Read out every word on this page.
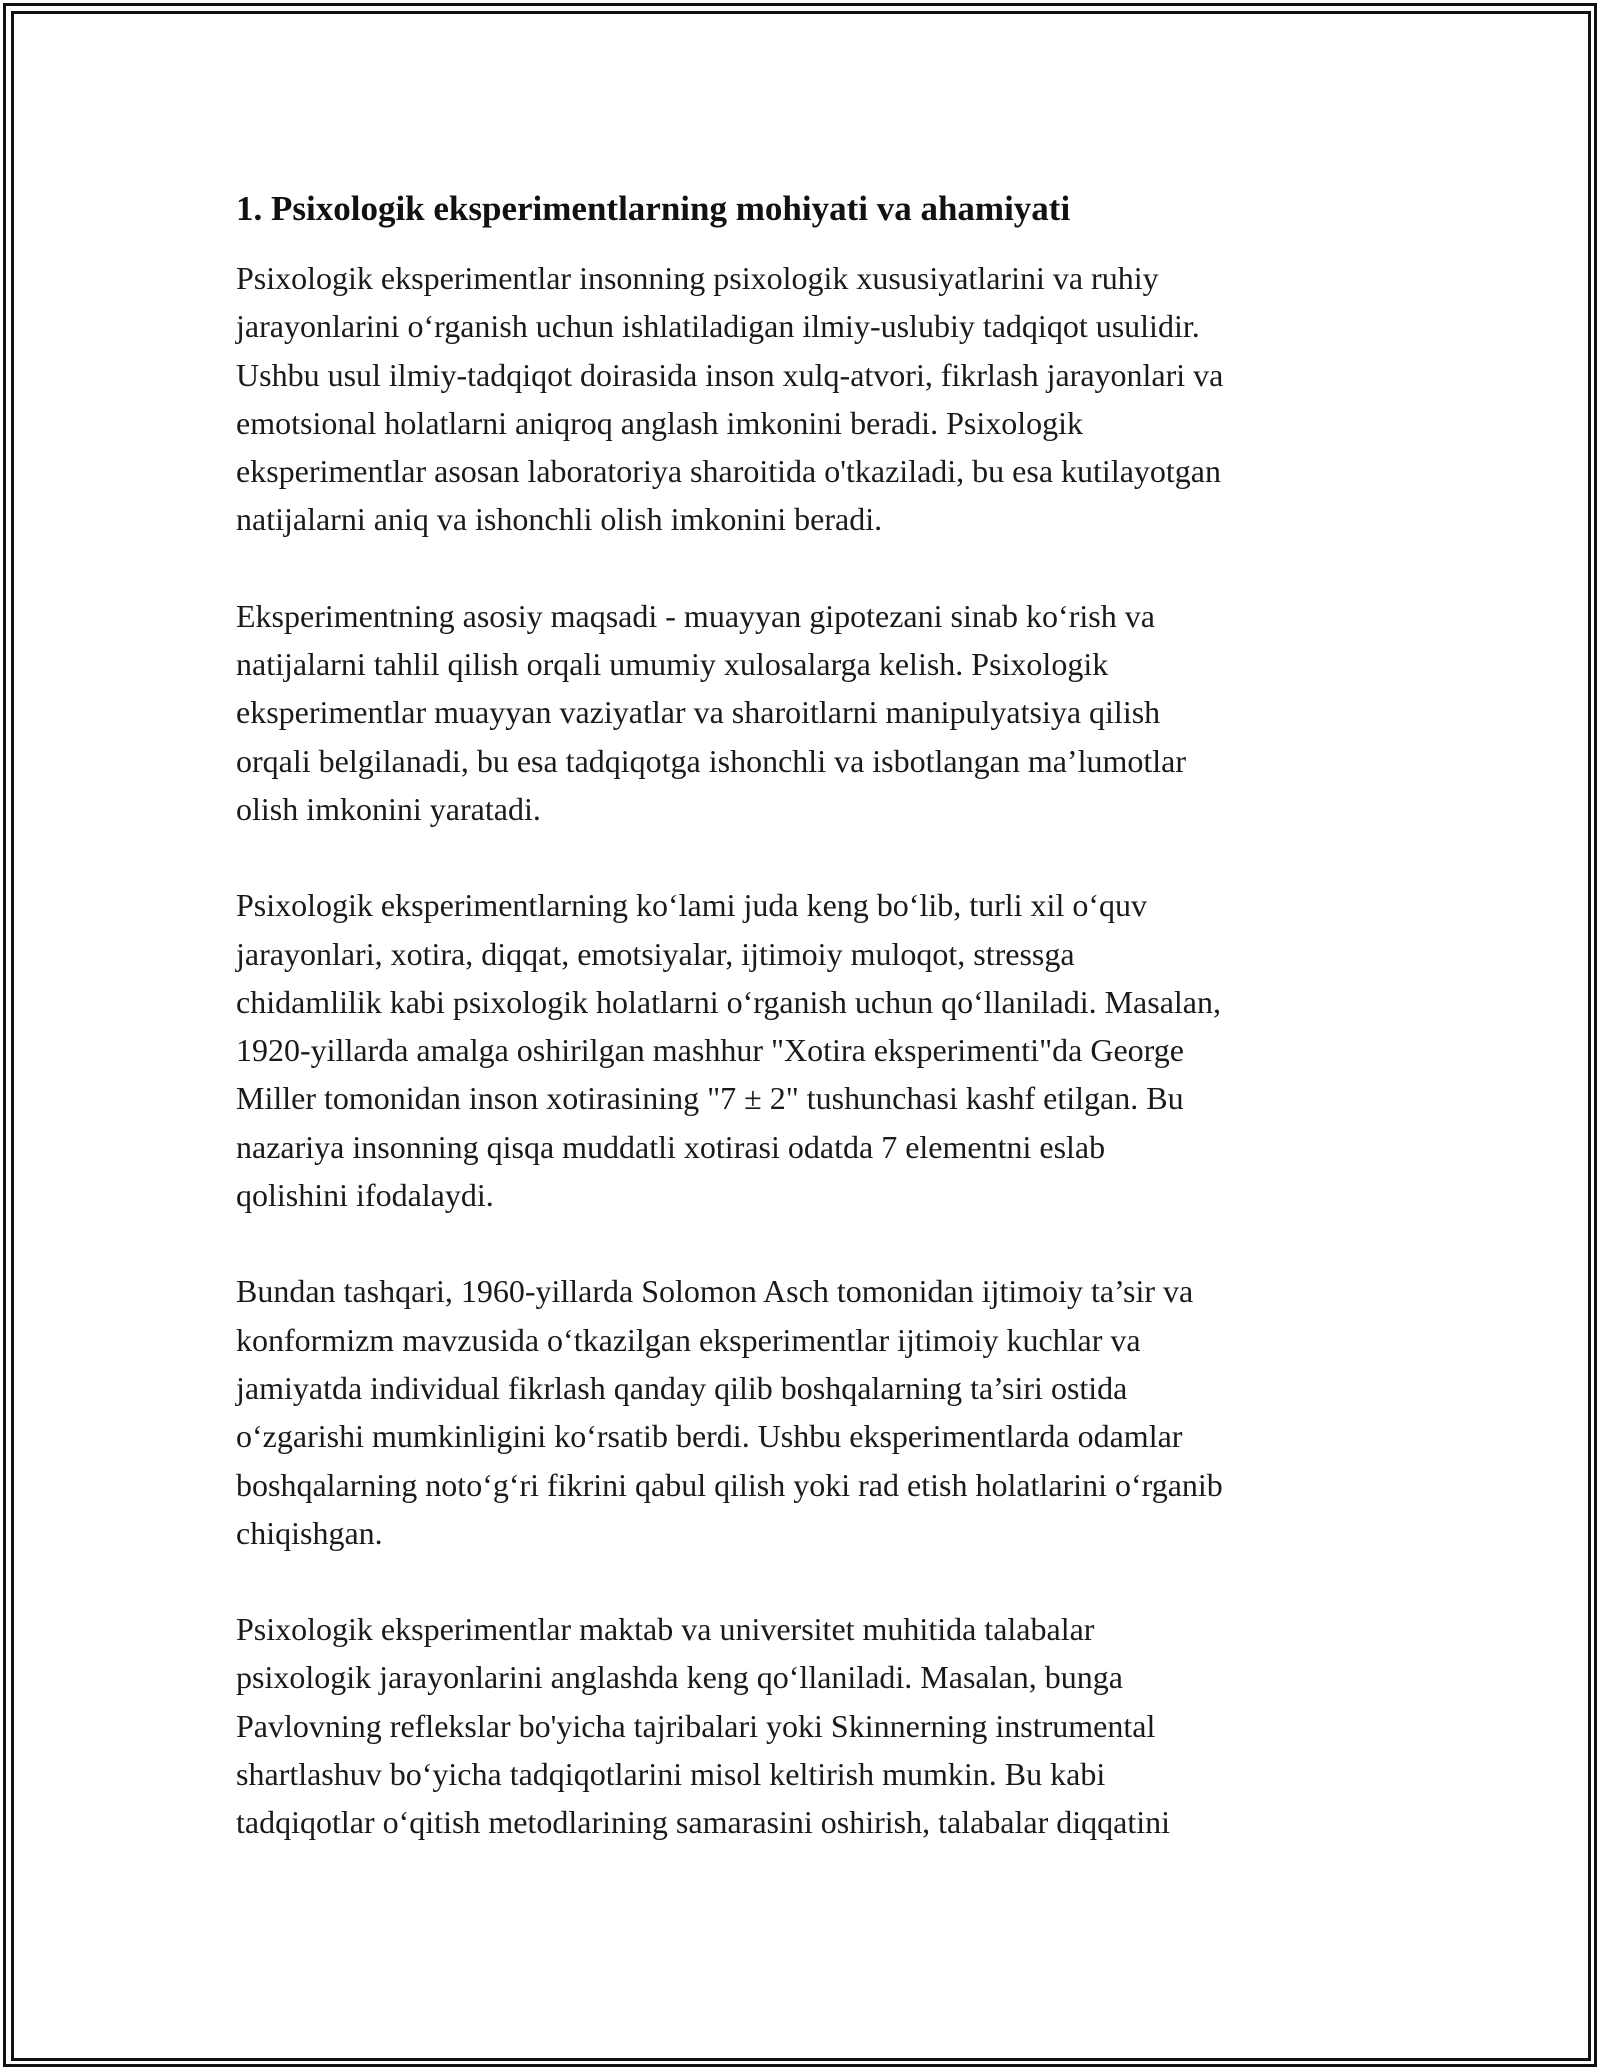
1. Psixologik eksperimentlarning mohiyati va ahamiyati

Psixologik eksperimentlar insonning psixologik xususiyatlarini va ruhiy
jarayonlarini o‘rganish uchun ishlatiladigan ilmiy-uslubiy tadqiqot usulidir.
Ushbu usul ilmiy-tadqiqot doirasida inson xulq-atvori, fikrlash jarayonlari va
emotsional holatlarni aniqroq anglash imkonini beradi. Psixologik
eksperimentlar asosan laboratoriya sharoitida o'tkaziladi, bu esa kutilayotgan
natijalarni aniq va ishonchli olish imkonini beradi.

Eksperimentning asosiy maqsadi - muayyan gipotezani sinab ko‘rish va
natijalarni tahlil qilish orqali umumiy xulosalarga kelish. Psixologik
eksperimentlar muayyan vaziyatlar va sharoitlarni manipulyatsiya qilish
orqali belgilanadi, bu esa tadqiqotga ishonchli va isbotlangan ma’lumotlar
olish imkonini yaratadi.

Psixologik eksperimentlarning ko‘lami juda keng bo‘lib, turli xil o‘quv
jarayonlari, xotira, diqqat, emotsiyalar, ijtimoiy muloqot, stressga
chidamlilik kabi psixologik holatlarni o‘rganish uchun qo‘llaniladi. Masalan,
1920-yillarda amalga oshirilgan mashhur "Xotira eksperimenti"da George
Miller tomonidan inson xotirasining "7 ± 2" tushunchasi kashf etilgan. Bu
nazariya insonning qisqa muddatli xotirasi odatda 7 elementni eslab
qolishini ifodalaydi.

Bundan tashqari, 1960-yillarda Solomon Asch tomonidan ijtimoiy ta’sir va
konformizm mavzusida o‘tkazilgan eksperimentlar ijtimoiy kuchlar va
jamiyatda individual fikrlash qanday qilib boshqalarning ta’siri ostida
o‘zgarishi mumkinligini ko‘rsatib berdi. Ushbu eksperimentlarda odamlar
boshqalarning noto‘g‘ri fikrini qabul qilish yoki rad etish holatlarini o‘rganib
chiqishgan.

Psixologik eksperimentlar maktab va universitet muhitida talabalar
psixologik jarayonlarini anglashda keng qo‘llaniladi. Masalan, bunga
Pavlovning reflekslar bo'yicha tajribalari yoki Skinnerning instrumental
shartlashuv bo‘yicha tadqiqotlarini misol keltirish mumkin. Bu kabi
tadqiqotlar o‘qitish metodlarining samarasini oshirish, talabalar diqqatini
